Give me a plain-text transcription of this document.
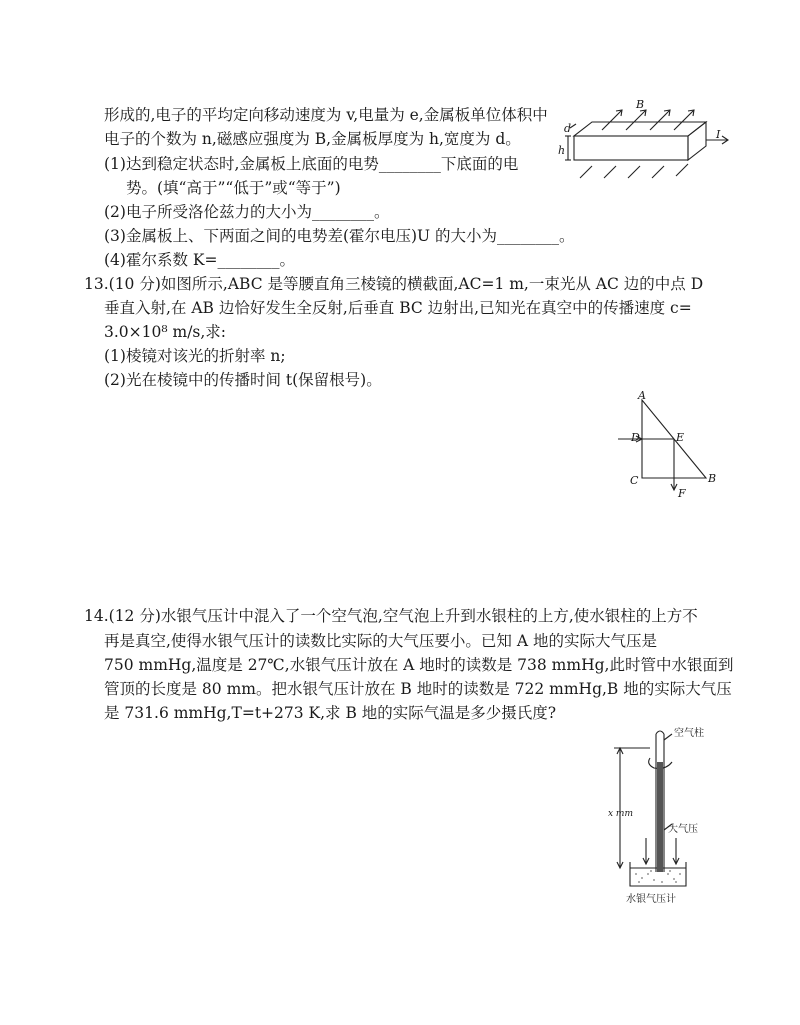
形成的,电子的平均定向移动速度为 v,电量为 e,金属板单位体积中
电子的个数为 n,磁感应强度为 B,金属板厚度为 h,宽度为 d。
(1)达到稳定状态时,金属板上底面的电势________下底面的电
势。(填“高于”“低于”或“等于”)
(2)电子所受洛伦兹力的大小为________。
(3)金属板上、下两面之间的电势差(霍尔电压)U 的大小为________。
(4)霍尔系数 K=________。
B
I
d
h
13.(10 分)如图所示,ABC 是等腰直角三棱镜的横截面,AC=1 m,一束光从 AC 边的中点 D
垂直入射,在 AB 边恰好发生全反射,后垂直 BC 边射出,已知光在真空中的传播速度 c=
3.0×10⁸ m/s,求:
(1)棱镜对该光的折射率 n;
(2)光在棱镜中的传播时间 t(保留根号)。
A
D	E
C	B
F
14.(12 分)水银气压计中混入了一个空气泡,空气泡上升到水银柱的上方,使水银柱的上方不
再是真空,使得水银气压计的读数比实际的大气压要小。已知 A 地的实际大气压是
750 mmHg,温度是 27℃,水银气压计放在 A 地时的读数是 738 mmHg,此时管中水银面到
管顶的长度是 80 mm。把水银气压计放在 B 地时的读数是 722 mmHg,B 地的实际大气压
是 731.6 mmHg,T=t+273 K,求 B 地的实际气温是多少摄氏度?
空气柱
x mm
大气压
水银气压计
